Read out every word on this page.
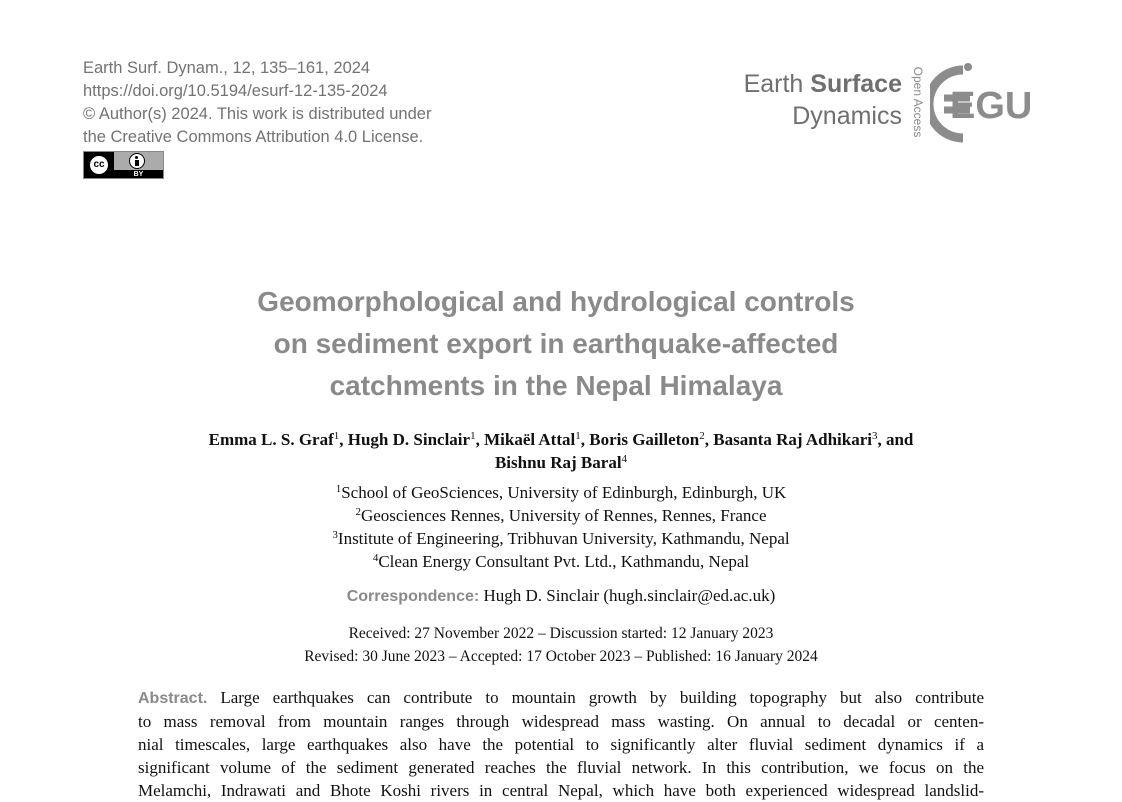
Earth Surf. Dynam., 12, 135–161, 2024
https://doi.org/10.5194/esurf-12-135-2024
© Author(s) 2024. This work is distributed under
the Creative Commons Attribution 4.0 License.
cc
BY
Earth Surface
Dynamics Open Access EGU
Geomorphological and hydrological controls
on sediment export in earthquake-affected
catchments in the Nepal Himalaya
Emma L. S. Graf$^1$, Hugh D. Sinclair$^1$, Mikaël Attal$^1$, Boris Gailleton$^2$, Basanta Raj Adhikari$^3$, and
Bishnu Raj Baral$^4$
$^1$School of GeoSciences, University of Edinburgh, Edinburgh, UK
$^2$Geosciences Rennes, University of Rennes, Rennes, France
$^3$Institute of Engineering, Tribhuvan University, Kathmandu, Nepal
$^4$Clean Energy Consultant Pvt. Ltd., Kathmandu, Nepal
Correspondence: Hugh D. Sinclair (hugh.sinclair@ed.ac.uk)
Received: 27 November 2022 – Discussion started: 12 January 2023
Revised: 30 June 2023 – Accepted: 17 October 2023 – Published: 16 January 2024
Abstract. Large earthquakes can contribute to mountain growth by building topography but also contribute
to mass removal from mountain ranges through widespread mass wasting. On annual to decadal or centen-
nial timescales, large earthquakes also have the potential to significantly alter fluvial sediment dynamics if a
significant volume of the sediment generated reaches the fluvial network. In this contribution, we focus on the
Melamchi, Indrawati and Bhote Koshi rivers in central Nepal, which have both experienced widespread landslid-
